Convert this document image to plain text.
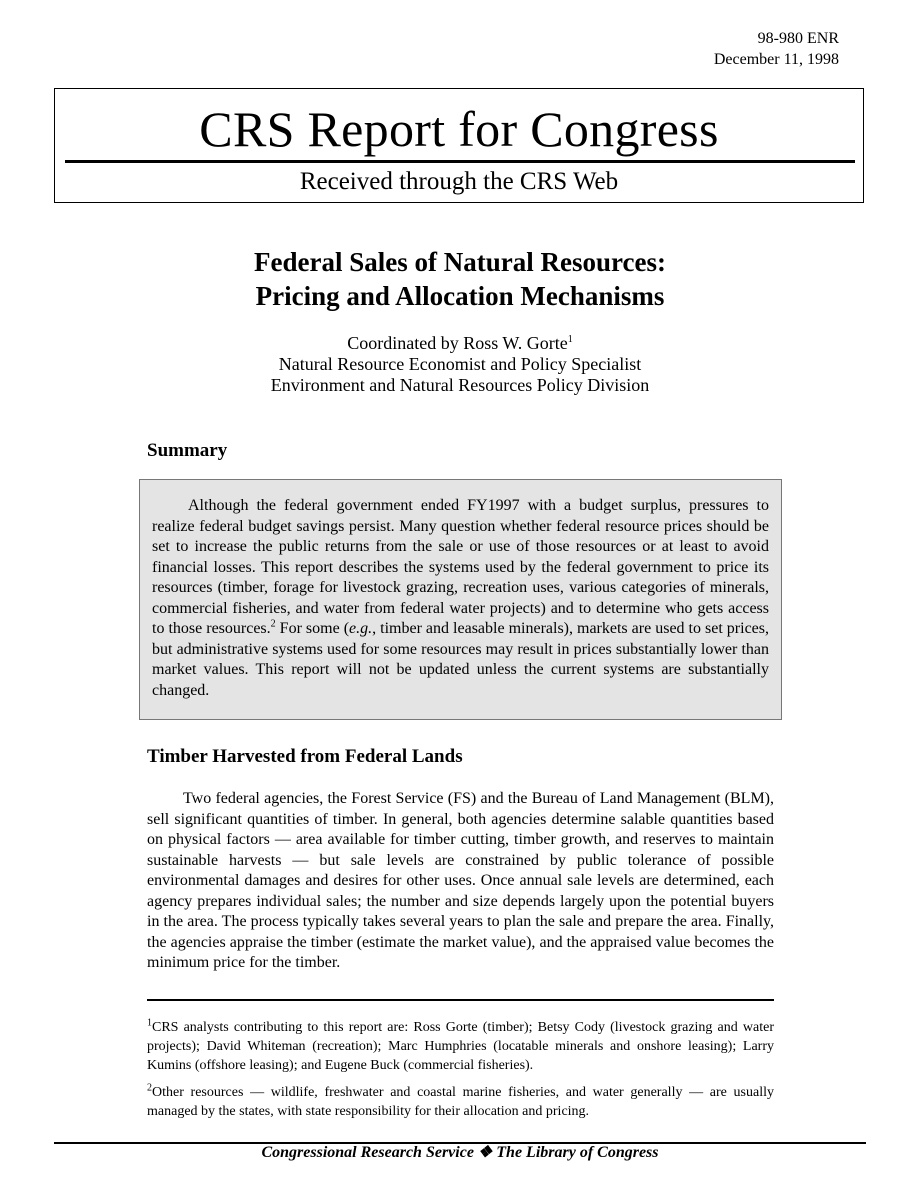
98-980 ENR
December 11, 1998
CRS Report for Congress
Received through the CRS Web
Federal Sales of Natural Resources:
Pricing and Allocation Mechanisms
Coordinated by Ross W. Gorte$^1$
Natural Resource Economist and Policy Specialist
Environment and Natural Resources Policy Division
Summary
Although the federal government ended FY1997 with a budget surplus, pressures to realize federal budget savings persist. Many question whether federal resource prices should be set to increase the public returns from the sale or use of those resources or at least to avoid financial losses. This report describes the systems used by the federal government to price its resources (timber, forage for livestock grazing, recreation uses, various categories of minerals, commercial fisheries, and water from federal water projects) and to determine who gets access to those resources.$^2$ For some (e.g., timber and leasable minerals), markets are used to set prices, but administrative systems used for some resources may result in prices substantially lower than market values. This report will not be updated unless the current systems are substantially changed.
Timber Harvested from Federal Lands
Two federal agencies, the Forest Service (FS) and the Bureau of Land Management (BLM), sell significant quantities of timber. In general, both agencies determine salable quantities based on physical factors — area available for timber cutting, timber growth, and reserves to maintain sustainable harvests — but sale levels are constrained by public tolerance of possible environmental damages and desires for other uses. Once annual sale levels are determined, each agency prepares individual sales; the number and size depends largely upon the potential buyers in the area. The process typically takes several years to plan the sale and prepare the area. Finally, the agencies appraise the timber (estimate the market value), and the appraised value becomes the minimum price for the timber.

$^1$CRS analysts contributing to this report are: Ross Gorte (timber); Betsy Cody (livestock grazing and water projects); David Whiteman (recreation); Marc Humphries (locatable minerals and onshore leasing); Larry Kumins (offshore leasing); and Eugene Buck (commercial fisheries).

$^2$Other resources — wildlife, freshwater and coastal marine fisheries, and water generally — are usually managed by the states, with state responsibility for their allocation and pricing.

Congressional Research Service ❖ The Library of Congress
